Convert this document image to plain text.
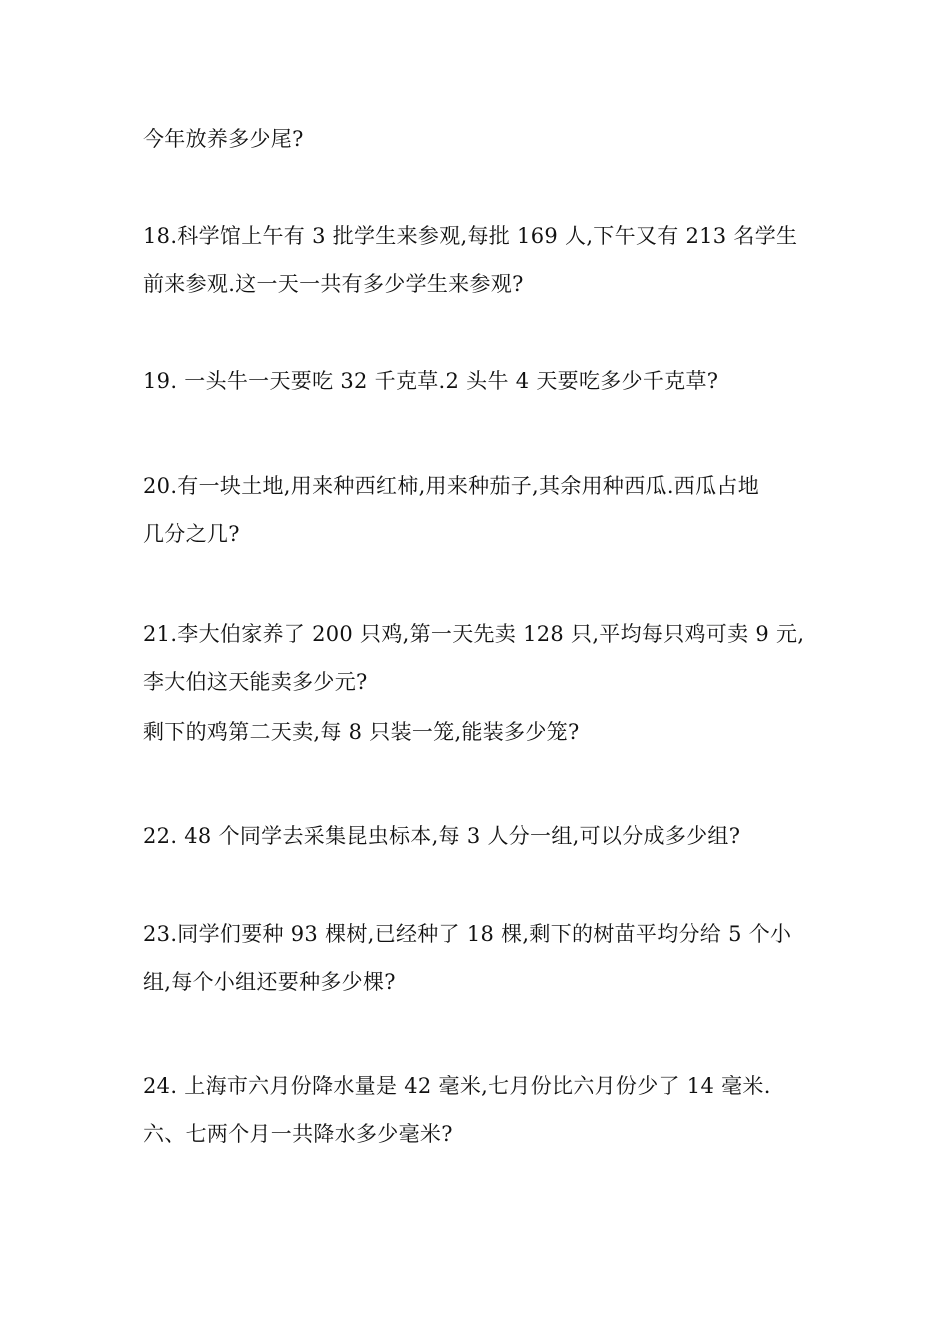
今年放养多少尾?
18.科学馆上午有 3 批学生来参观,每批 169 人,下午又有 213 名学生
前来参观.这一天一共有多少学生来参观?
19. 一头牛一天要吃 32 千克草.2 头牛 4 天要吃多少千克草?
20.有一块土地,用来种西红柿,用来种茄子,其余用种西瓜.西瓜占地
几分之几?
21.李大伯家养了 200 只鸡,第一天先卖 128 只,平均每只鸡可卖 9 元,
李大伯这天能卖多少元?
剩下的鸡第二天卖,每 8 只装一笼,能装多少笼?
22. 48 个同学去采集昆虫标本,每 3 人分一组,可以分成多少组?
23.同学们要种 93 棵树,已经种了 18 棵,剩下的树苗平均分给 5 个小
组,每个小组还要种多少棵?
24. 上海市六月份降水量是 42 毫米,七月份比六月份少了 14 毫米.
六、七两个月一共降水多少毫米?
